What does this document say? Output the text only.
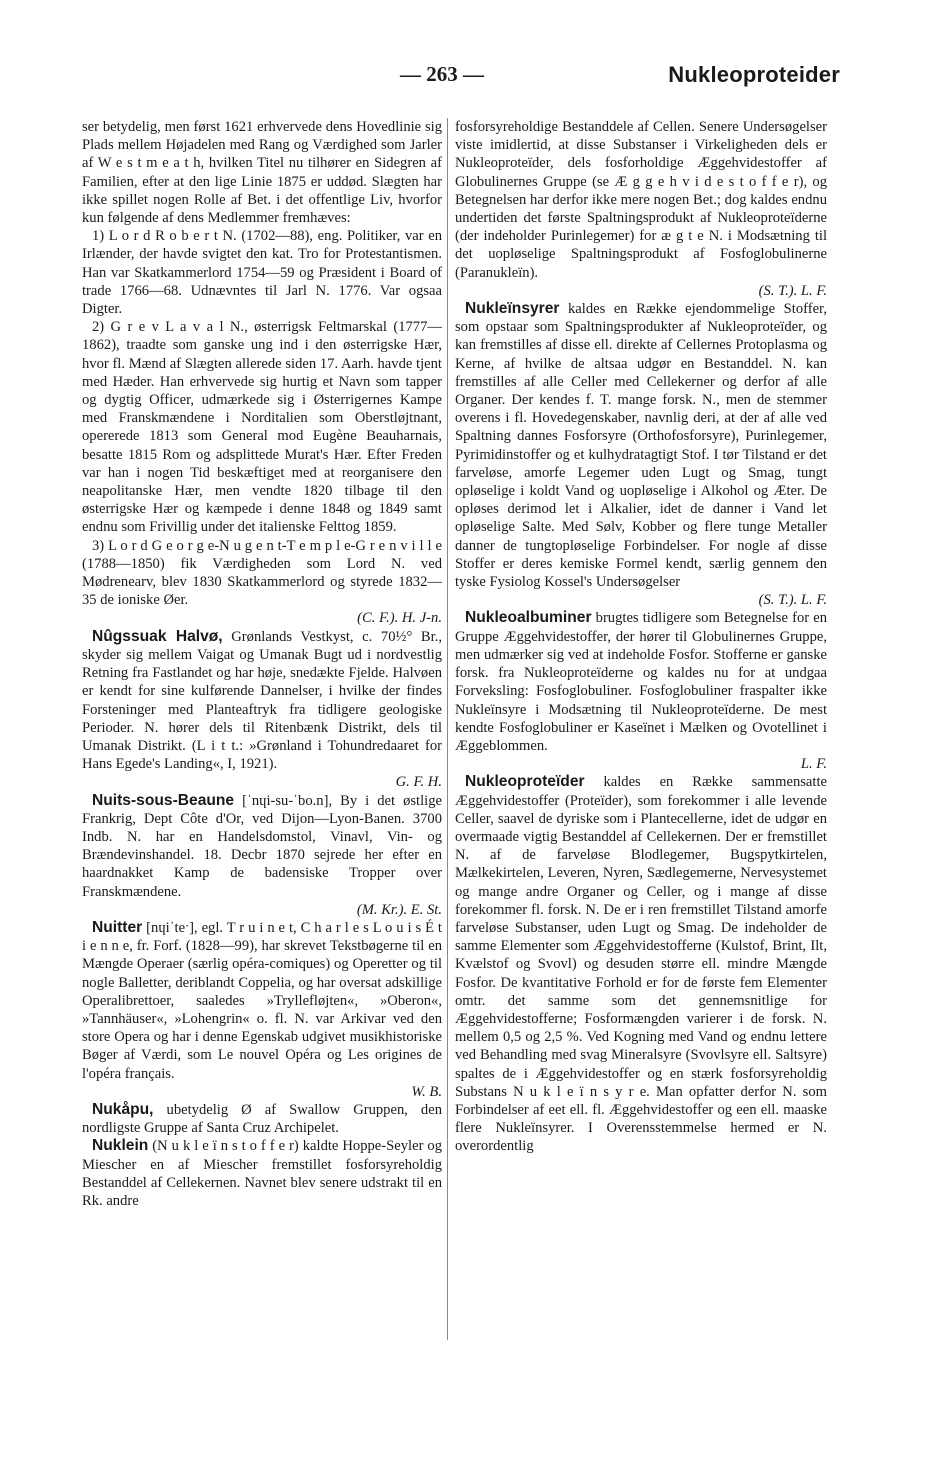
— 263 —	Nukleoproteider

ser betydelig, men først 1621 erhvervede dens Hovedlinie sig Plads mellem Højadelen med Rang og Værdighed som Jarler af W e s t m e a t h, hvilken Titel nu tilhører en Sidegren af Familien, efter at den lige Linie 1875 er uddød. Slægten har ikke spillet nogen Rolle af Bet. i det offentlige Liv, hvorfor kun følgende af dens Medlemmer fremhæves:

1) L o r d R o b e r t N. (1702—88), eng. Politiker, var en Irlænder, der havde svigtet den kat. Tro for Protestantismen. Han var Skatkammerlord 1754—59 og Præsident i Board of trade 1766—68. Udnævntes til Jarl N. 1776. Var ogsaa Digter.

2) G r e v L a v a l N., østerrigsk Feltmarskal (1777—1862), traadte som ganske ung ind i den østerrigske Hær, hvor fl. Mænd af Slægten allerede siden 17. Aarh. havde tjent med Hæder. Han erhvervede sig hurtig et Navn som tapper og dygtig Officer, udmærkede sig i Østerrigernes Kampe med Franskmændene i Norditalien som Oberstløjtnant, opererede 1813 som General mod Eugène Beauharnais, besatte 1815 Rom og adsplittede Murat's Hær. Efter Freden var han i nogen Tid beskæftiget med at reorganisere den neapolitanske Hær, men vendte 1820 tilbage til den østerrigske Hær og kæmpede i denne 1848 og 1849 samt endnu som Frivillig under det italienske Felttog 1859.

3) L o r d G e o r g e-N u g e n t-T e m p l e-G r e n v i l l e (1788—1850) fik Værdigheden som Lord N. ved Mødrenearv, blev 1830 Skatkammerlord og styrede 1832—35 de ioniske Øer.

(C. F.). H. J-n.

Nûgssuak Halvø, Grønlands Vestkyst, c. 70½° Br., skyder sig mellem Vaigat og Umanak Bugt ud i nordvestlig Retning fra Fastlandet og har høje, snedækte Fjelde. Halvøen er kendt for sine kulførende Dannelser, i hvilke der findes Forsteninger med Planteaftryk fra tidligere geologiske Perioder. N. hører dels til Ritenbænk Distrikt, dels til Umanak Distrikt. (L i t t.: »Grønland i Tohundredaaret for Hans Egede's Landing«, I, 1921).

G. F. H.

Nuits-sous-Beaune [ˈnɥi-su-ˈbo.n], By i det østlige Frankrig, Dept Côte d'Or, ved Dijon—Lyon-Banen. 3700 Indb. N. har en Handelsdomstol, Vinavl, Vin- og Brændevinshandel. 18. Decbr 1870 sejrede her efter en haardnakket Kamp de badensiske Tropper over Franskmændene.

(M. Kr.). E. St.

Nuitter [nɥiˈteˑ], egl. T r u i n e t, C h a r l e s L o u i s É t i e n n e, fr. Forf. (1828—99), har skrevet Tekstbøgerne til en Mængde Operaer (særlig opéra-comiques) og Operetter og til nogle Balletter, deriblandt Coppelia, og har oversat adskillige Operalibrettoer, saaledes »Tryllefløjten«, »Oberon«, »Tannhäuser«, »Lohengrin« o. fl. N. var Arkivar ved den store Opera og har i denne Egenskab udgivet musikhistoriske Bøger af Værdi, som Le nouvel Opéra og Les origines de l'opéra français.

W. B.

Nukåpu, ubetydelig Ø af Swallow Gruppen, den nordligste Gruppe af Santa Cruz Archipelet.

Nuklein (N u k l e ï n s t o f f e r) kaldte Hoppe-Seyler og Miescher en af Miescher fremstillet fosforsyreholdig Bestanddel af Cellekernen. Navnet blev senere udstrakt til en Rk. andre

fosforsyreholdige Bestanddele af Cellen. Senere Undersøgelser viste imidlertid, at disse Substanser i Virkeligheden dels er Nukleoproteïder, dels fosforholdige Æggehvidestoffer af Globulinernes Gruppe (se Æ g g e h v i d e s t o f f e r), og Betegnelsen har derfor ikke mere nogen Bet.; dog kaldes endnu undertiden det første Spaltningsprodukt af Nukleoproteïderne (der indeholder Purinlegemer) for æ g t e N. i Modsætning til det uopløselige Spaltningsprodukt af Fosfoglobulinerne (Paranukleïn).

(S. T.). L. F.

Nukleïnsyrer kaldes en Række ejendommelige Stoffer, som opstaar som Spaltningsprodukter af Nukleoproteïder, og kan fremstilles af disse ell. direkte af Cellernes Protoplasma og Kerne, af hvilke de altsaa udgør en Bestanddel. N. kan fremstilles af alle Celler med Cellekerner og derfor af alle Organer. Der kendes f. T. mange forsk. N., men de stemmer overens i fl. Hovedegenskaber, navnlig deri, at der af alle ved Spaltning dannes Fosforsyre (Orthofosforsyre), Purinlegemer, Pyrimidinstoffer og et kulhydratagtigt Stof. I tør Tilstand er det farveløse, amorfe Legemer uden Lugt og Smag, tungt opløselige i koldt Vand og uopløselige i Alkohol og Æter. De opløses derimod let i Alkalier, idet de danner i Vand let opløselige Salte. Med Sølv, Kobber og flere tunge Metaller danner de tungtopløselige Forbindelser. For nogle af disse Stoffer er deres kemiske Formel kendt, særlig gennem den tyske Fysiolog Kossel's Undersøgelser

(S. T.). L. F.

Nukleoalbuminer brugtes tidligere som Betegnelse for en Gruppe Æggehvidestoffer, der hører til Globulinernes Gruppe, men udmærker sig ved at indeholde Fosfor. Stofferne er ganske forsk. fra Nukleoproteïderne og kaldes nu for at undgaa Forveksling: Fosfoglobuliner. Fosfoglobuliner fraspalter ikke Nukleïnsyre i Modsætning til Nukleoproteïderne. De mest kendte Fosfoglobuliner er Kaseïnet i Mælken og Ovotellinet i Æggeblommen.

L. F.

Nukleoproteïder kaldes en Række sammensatte Æggehvidestoffer (Proteïder), som forekommer i alle levende Celler, saavel de dyriske som i Plantecellerne, idet de udgør en overmaade vigtig Bestanddel af Cellekernen. Der er fremstillet N. af de farveløse Blodlegemer, Bugspytkirtelen, Mælkekirtelen, Leveren, Nyren, Sædlegemerne, Nervesystemet og mange andre Organer og Celler, og i mange af disse forekommer fl. forsk. N. De er i ren fremstillet Tilstand amorfe farveløse Substanser, uden Lugt og Smag. De indeholder de samme Elementer som Æggehvidestofferne (Kulstof, Brint, Ilt, Kvælstof og Svovl) og desuden større ell. mindre Mængde Fosfor. De kvantitative Forhold er for de første fem Elementer omtr. det samme som det gennemsnitlige for Æggehvidestofferne; Fosformængden varierer i de forsk. N. mellem 0,5 og 2,5 %. Ved Kogning med Vand og endnu lettere ved Behandling med svag Mineralsyre (Svovlsyre ell. Saltsyre) spaltes de i Æggehvidestoffer og en stærk fosforsyreholdig Substans N u k l e ï n s y r e. Man opfatter derfor N. som Forbindelser af eet ell. fl. Æggehvidestoffer og een ell. maaske flere Nukleïnsyrer. I Overensstemmelse hermed er N. overordentlig
